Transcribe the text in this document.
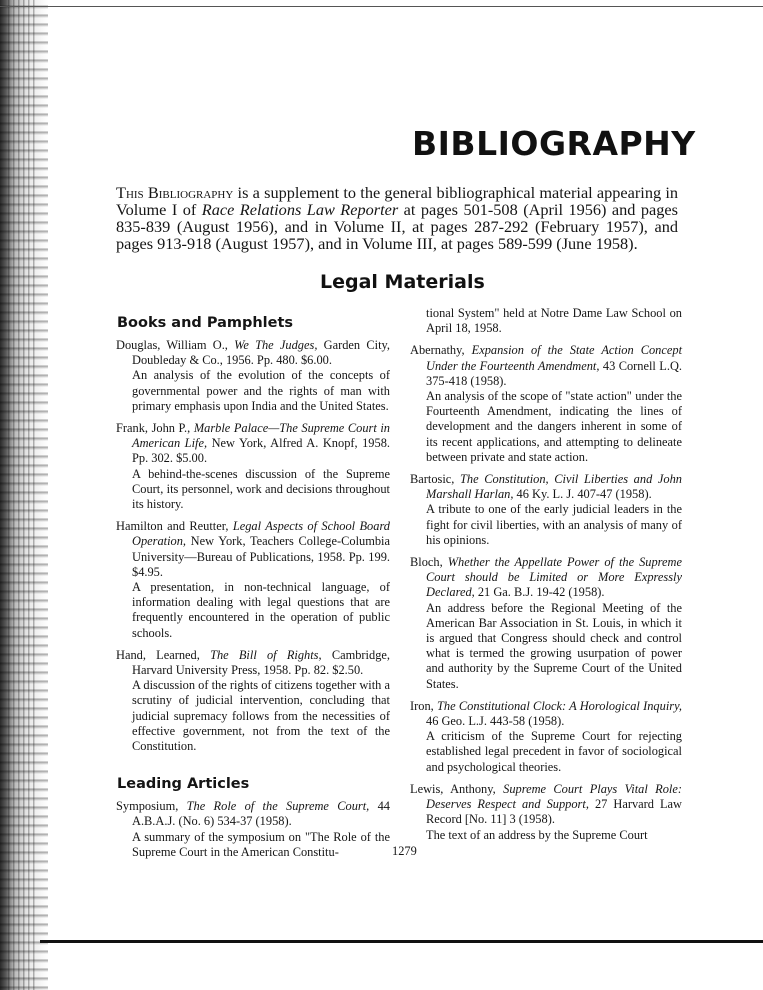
BIBLIOGRAPHY
This Bibliography is a supplement to the general bibliographical material appearing in Volume I of Race Relations Law Reporter at pages 501-508 (April 1956) and pages 835-839 (August 1956), and in Volume II, at pages 287-292 (February 1957), and pages 913-918 (August 1957), and in Volume III, at pages 589-599 (June 1958).
Legal Materials
Books and Pamphlets
Douglas, William O., We The Judges, Garden City, Doubleday & Co., 1956. Pp. 480. $6.00.
An analysis of the evolution of the concepts of governmental power and the rights of man with primary emphasis upon India and the United States.
Frank, John P., Marble Palace—The Supreme Court in American Life, New York, Alfred A. Knopf, 1958. Pp. 302. $5.00.
A behind-the-scenes discussion of the Supreme Court, its personnel, work and decisions throughout its history.
Hamilton and Reutter, Legal Aspects of School Board Operation, New York, Teachers College-Columbia University—Bureau of Publications, 1958. Pp. 199. $4.95.
A presentation, in non-technical language, of information dealing with legal questions that are frequently encountered in the operation of public schools.
Hand, Learned, The Bill of Rights, Cambridge, Harvard University Press, 1958. Pp. 82. $2.50.
A discussion of the rights of citizens together with a scrutiny of judicial intervention, concluding that judicial supremacy follows from the necessities of effective government, not from the text of the Constitution.
Leading Articles
Symposium, The Role of the Supreme Court, 44 A.B.A.J. (No. 6) 534-37 (1958).
A summary of the symposium on "The Role of the Supreme Court in the American Constitu-
tional System" held at Notre Dame Law School on April 18, 1958.
Abernathy, Expansion of the State Action Concept Under the Fourteenth Amendment, 43 Cornell L.Q. 375-418 (1958).
An analysis of the scope of "state action" under the Fourteenth Amendment, indicating the lines of development and the dangers inherent in some of its recent applications, and attempting to delineate between private and state action.
Bartosic, The Constitution, Civil Liberties and John Marshall Harlan, 46 Ky. L. J. 407-47 (1958).
A tribute to one of the early judicial leaders in the fight for civil liberties, with an analysis of many of his opinions.
Bloch, Whether the Appellate Power of the Supreme Court should be Limited or More Expressly Declared, 21 Ga. B.J. 19-42 (1958).
An address before the Regional Meeting of the American Bar Association in St. Louis, in which it is argued that Congress should check and control what is termed the growing usurpation of power and authority by the Supreme Court of the United States.
Iron, The Constitutional Clock: A Horological Inquiry, 46 Geo. L.J. 443-58 (1958).
A criticism of the Supreme Court for rejecting established legal precedent in favor of sociological and psychological theories.
Lewis, Anthony, Supreme Court Plays Vital Role: Deserves Respect and Support, 27 Harvard Law Record [No. 11] 3 (1958).
The text of an address by the Supreme Court
1279
